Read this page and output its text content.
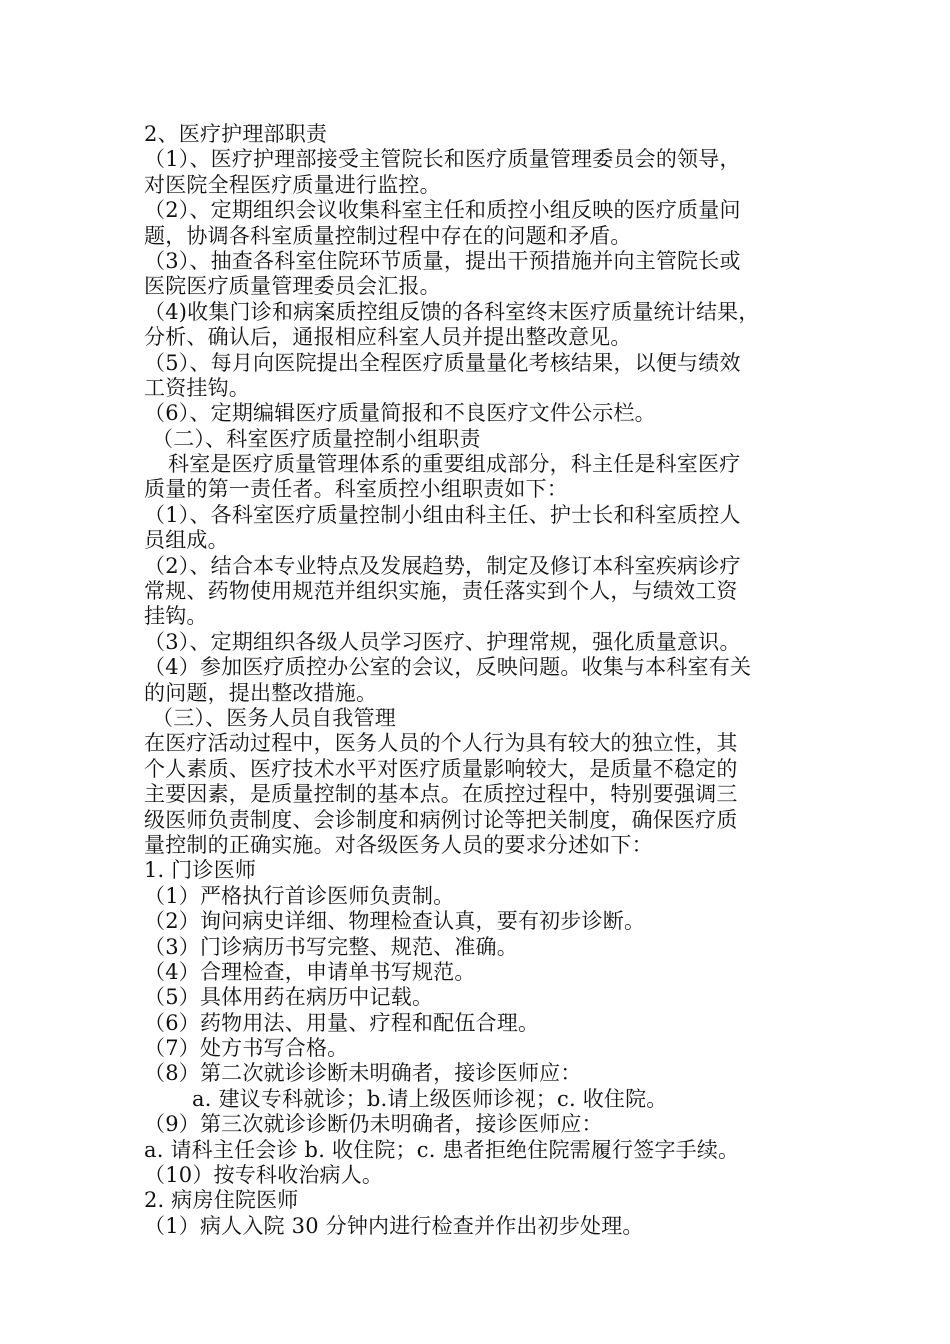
2、医疗护理部职责
（1）、医疗护理部接受主管院长和医疗质量管理委员会的领导，
对医院全程医疗质量进行监控。
（2）、定期组织会议收集科室主任和质控小组反映的医疗质量问
题，协调各科室质量控制过程中存在的问题和矛盾。
（3）、抽查各科室住院环节质量，提出干预措施并向主管院长或
医院医疗质量管理委员会汇报。
（4)收集门诊和病案质控组反馈的各科室终末医疗质量统计结果，
分析、确认后，通报相应科室人员并提出整改意见。
（5）、每月向医院提出全程医疗质量量化考核结果，以便与绩效
工资挂钩。
（6）、定期编辑医疗质量简报和不良医疗文件公示栏。
（二）、科室医疗质量控制小组职责
科室是医疗质量管理体系的重要组成部分，科主任是科室医疗
质量的第一责任者。科室质控小组职责如下：
（1）、各科室医疗质量控制小组由科主任、护士长和科室质控人
员组成。
（2）、结合本专业特点及发展趋势，制定及修订本科室疾病诊疗
常规、药物使用规范并组织实施，责任落实到个人，与绩效工资
挂钩。
（3）、定期组织各级人员学习医疗、护理常规，强化质量意识。
（4）参加医疗质控办公室的会议，反映问题。收集与本科室有关
的问题，提出整改措施。
（三）、医务人员自我管理
在医疗活动过程中，医务人员的个人行为具有较大的独立性，其
个人素质、医疗技术水平对医疗质量影响较大，是质量不稳定的
主要因素，是质量控制的基本点。在质控过程中，特别要强调三
级医师负责制度、会诊制度和病例讨论等把关制度，确保医疗质
量控制的正确实施。对各级医务人员的要求分述如下：
1. 门诊医师
（1）严格执行首诊医师负责制。
（2）询问病史详细、物理检查认真，要有初步诊断。
（3）门诊病历书写完整、规范、准确。
（4）合理检查，申请单书写规范。
（5）具体用药在病历中记载。
（6）药物用法、用量、疗程和配伍合理。
（7）处方书写合格。
（8）第二次就诊诊断未明确者，接诊医师应：
a. 建议专科就诊；b.请上级医师诊视；c. 收住院。
（9）第三次就诊诊断仍未明确者，接诊医师应：
a. 请科主任会诊 b. 收住院；c. 患者拒绝住院需履行签字手续。
（10）按专科收治病人。
2. 病房住院医师
（1）病人入院 30 分钟内进行检查并作出初步处理。
